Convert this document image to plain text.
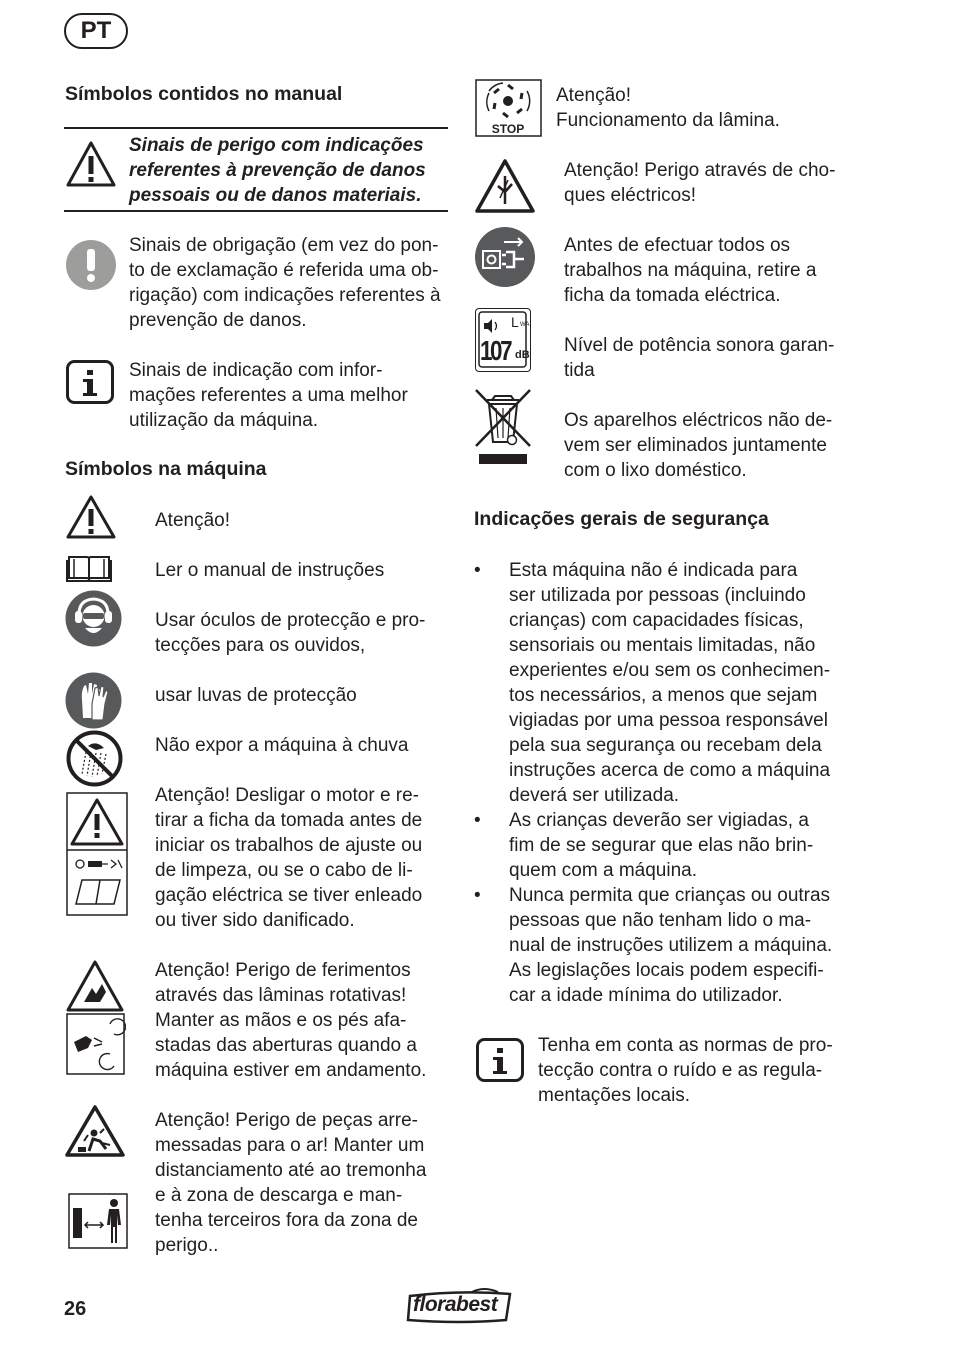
PT
Símbolos contidos no manual
Sinais de perigo com indicações
referentes à prevenção de danos
pessoais ou de danos materiais.
Sinais de obrigação (em vez do pon-
to de exclamação é referida uma ob-
rigação) com indicações referentes à
prevenção de danos.
Sinais de indicação com infor-
mações referentes a uma melhor
utilização da máquina.
Símbolos na máquina
Atenção!
Ler o manual de instruções
Usar óculos de protecção e pro-
tecções para os ouvidos,
usar luvas de protecção
Não expor a máquina à chuva
Atenção! Desligar o motor e re-
tirar a ficha da tomada antes de
iniciar os trabalhos de ajuste ou
de limpeza, ou se o cabo de li-
gação eléctrica se tiver enleado
ou tiver sido danificado.
Atenção! Perigo de ferimentos
através das lâminas rotativas!
Manter as mãos e os pés afa-
stadas das aberturas quando a
máquina estiver em andamento.
Atenção! Perigo de peças arre-
messadas para o ar! Manter um
distanciamento até ao tremonha
e à zona de descarga e man-
tenha terceiros fora da zona de
perigo..
STOP
Atenção!
Funcionamento da lâmina.
Atenção! Perigo através de cho-
ques eléctricos!
Antes de efectuar todos os
trabalhos na máquina, retire a
ficha da tomada eléctrica.
L WA
107 dB Nível de potência sonora garan-
tida
Os aparelhos eléctricos não de-
vem ser eliminados juntamente
com o lixo doméstico.
Indicações gerais de segurança
• Esta máquina não é indicada para
ser utilizada por pessoas (incluindo
crianças) com capacidades físicas,
sensoriais ou mentais limitadas, não
experientes e/ou sem os conhecimen-
tos necessários, a menos que sejam
vigiadas por uma pessoa responsável
pela sua segurança ou recebam dela
instruções acerca de como a máquina
deverá ser utilizada.
• As crianças deverão ser vigiadas, a
fim de se segurar que elas não brin-
quem com a máquina.
• Nunca permita que crianças ou outras
pessoas que não tenham lido o ma-
nual de instruções utilizem a máquina.
As legislações locais podem especifi-
car a idade mínima do utilizador.
Tenha em conta as normas de pro-
tecção contra o ruído e as regula-
mentações locais.
26	florabest
